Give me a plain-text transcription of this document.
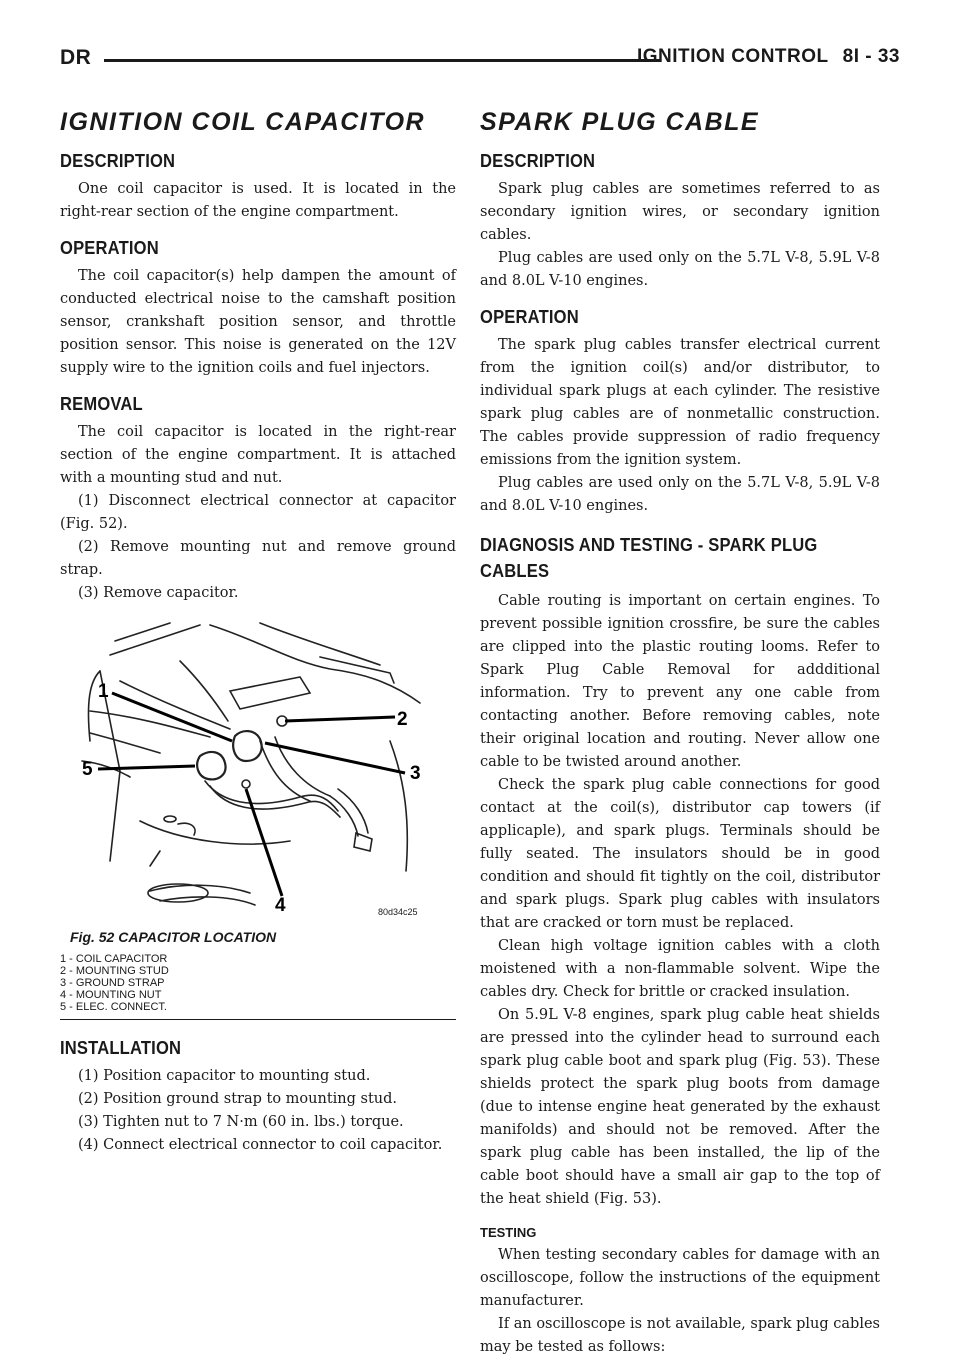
DR	IGNITION CONTROL 8I - 33
IGNITION COIL CAPACITOR
DESCRIPTION

One coil capacitor is used. It is located in the right-rear section of the engine compartment.

OPERATION

The coil capacitor(s) help dampen the amount of conducted electrical noise to the camshaft position sensor, crankshaft position sensor, and throttle position sensor. This noise is generated on the 12V supply wire to the ignition coils and fuel injectors.

REMOVAL

The coil capacitor is located in the right-rear section of the engine compartment. It is attached with a mounting stud and nut.

(1) Disconnect electrical connector at capacitor (Fig. 52).

(2) Remove mounting nut and remove ground strap.

(3) Remove capacitor.

1
2
3
4
5
80d34c25
Fig. 52 CAPACITOR LOCATION
1 - COIL CAPACITOR
2 - MOUNTING STUD
3 - GROUND STRAP
4 - MOUNTING NUT
5 - ELEC. CONNECT.
INSTALLATION

(1) Position capacitor to mounting stud.

(2) Position ground strap to mounting stud.

(3) Tighten nut to 7 N·m (60 in. lbs.) torque.

(4) Connect electrical connector to coil capacitor.

SPARK PLUG CABLE
DESCRIPTION

Spark plug cables are sometimes referred to as secondary ignition wires, or secondary ignition cables.

Plug cables are used only on the 5.7L V-8, 5.9L V-8 and 8.0L V-10 engines.

OPERATION

The spark plug cables transfer electrical current from the ignition coil(s) and/or distributor, to individual spark plugs at each cylinder. The resistive spark plug cables are of nonmetallic construction. The cables provide suppression of radio frequency emissions from the ignition system.

Plug cables are used only on the 5.7L V-8, 5.9L V-8 and 8.0L V-10 engines.

DIAGNOSIS AND TESTING - SPARK PLUG CABLES

Cable routing is important on certain engines. To prevent possible ignition crossfire, be sure the cables are clipped into the plastic routing looms. Refer to Spark Plug Cable Removal for addditional information. Try to prevent any one cable from contacting another. Before removing cables, note their original location and routing. Never allow one cable to be twisted around another.

Check the spark plug cable connections for good contact at the coil(s), distributor cap towers (if applicaple), and spark plugs. Terminals should be fully seated. The insulators should be in good condition and should fit tightly on the coil, distributor and spark plugs. Spark plug cables with insulators that are cracked or torn must be replaced.

Clean high voltage ignition cables with a cloth moistened with a non-flammable solvent. Wipe the cables dry. Check for brittle or cracked insulation.

On 5.9L V-8 engines, spark plug cable heat shields are pressed into the cylinder head to surround each spark plug cable boot and spark plug (Fig. 53). These shields protect the spark plug boots from damage (due to intense engine heat generated by the exhaust manifolds) and should not be removed. After the spark plug cable has been installed, the lip of the cable boot should have a small air gap to the top of the heat shield (Fig. 53).

TESTING

When testing secondary cables for damage with an oscilloscope, follow the instructions of the equipment manufacturer.

If an oscilloscope is not available, spark plug cables may be tested as follows:
